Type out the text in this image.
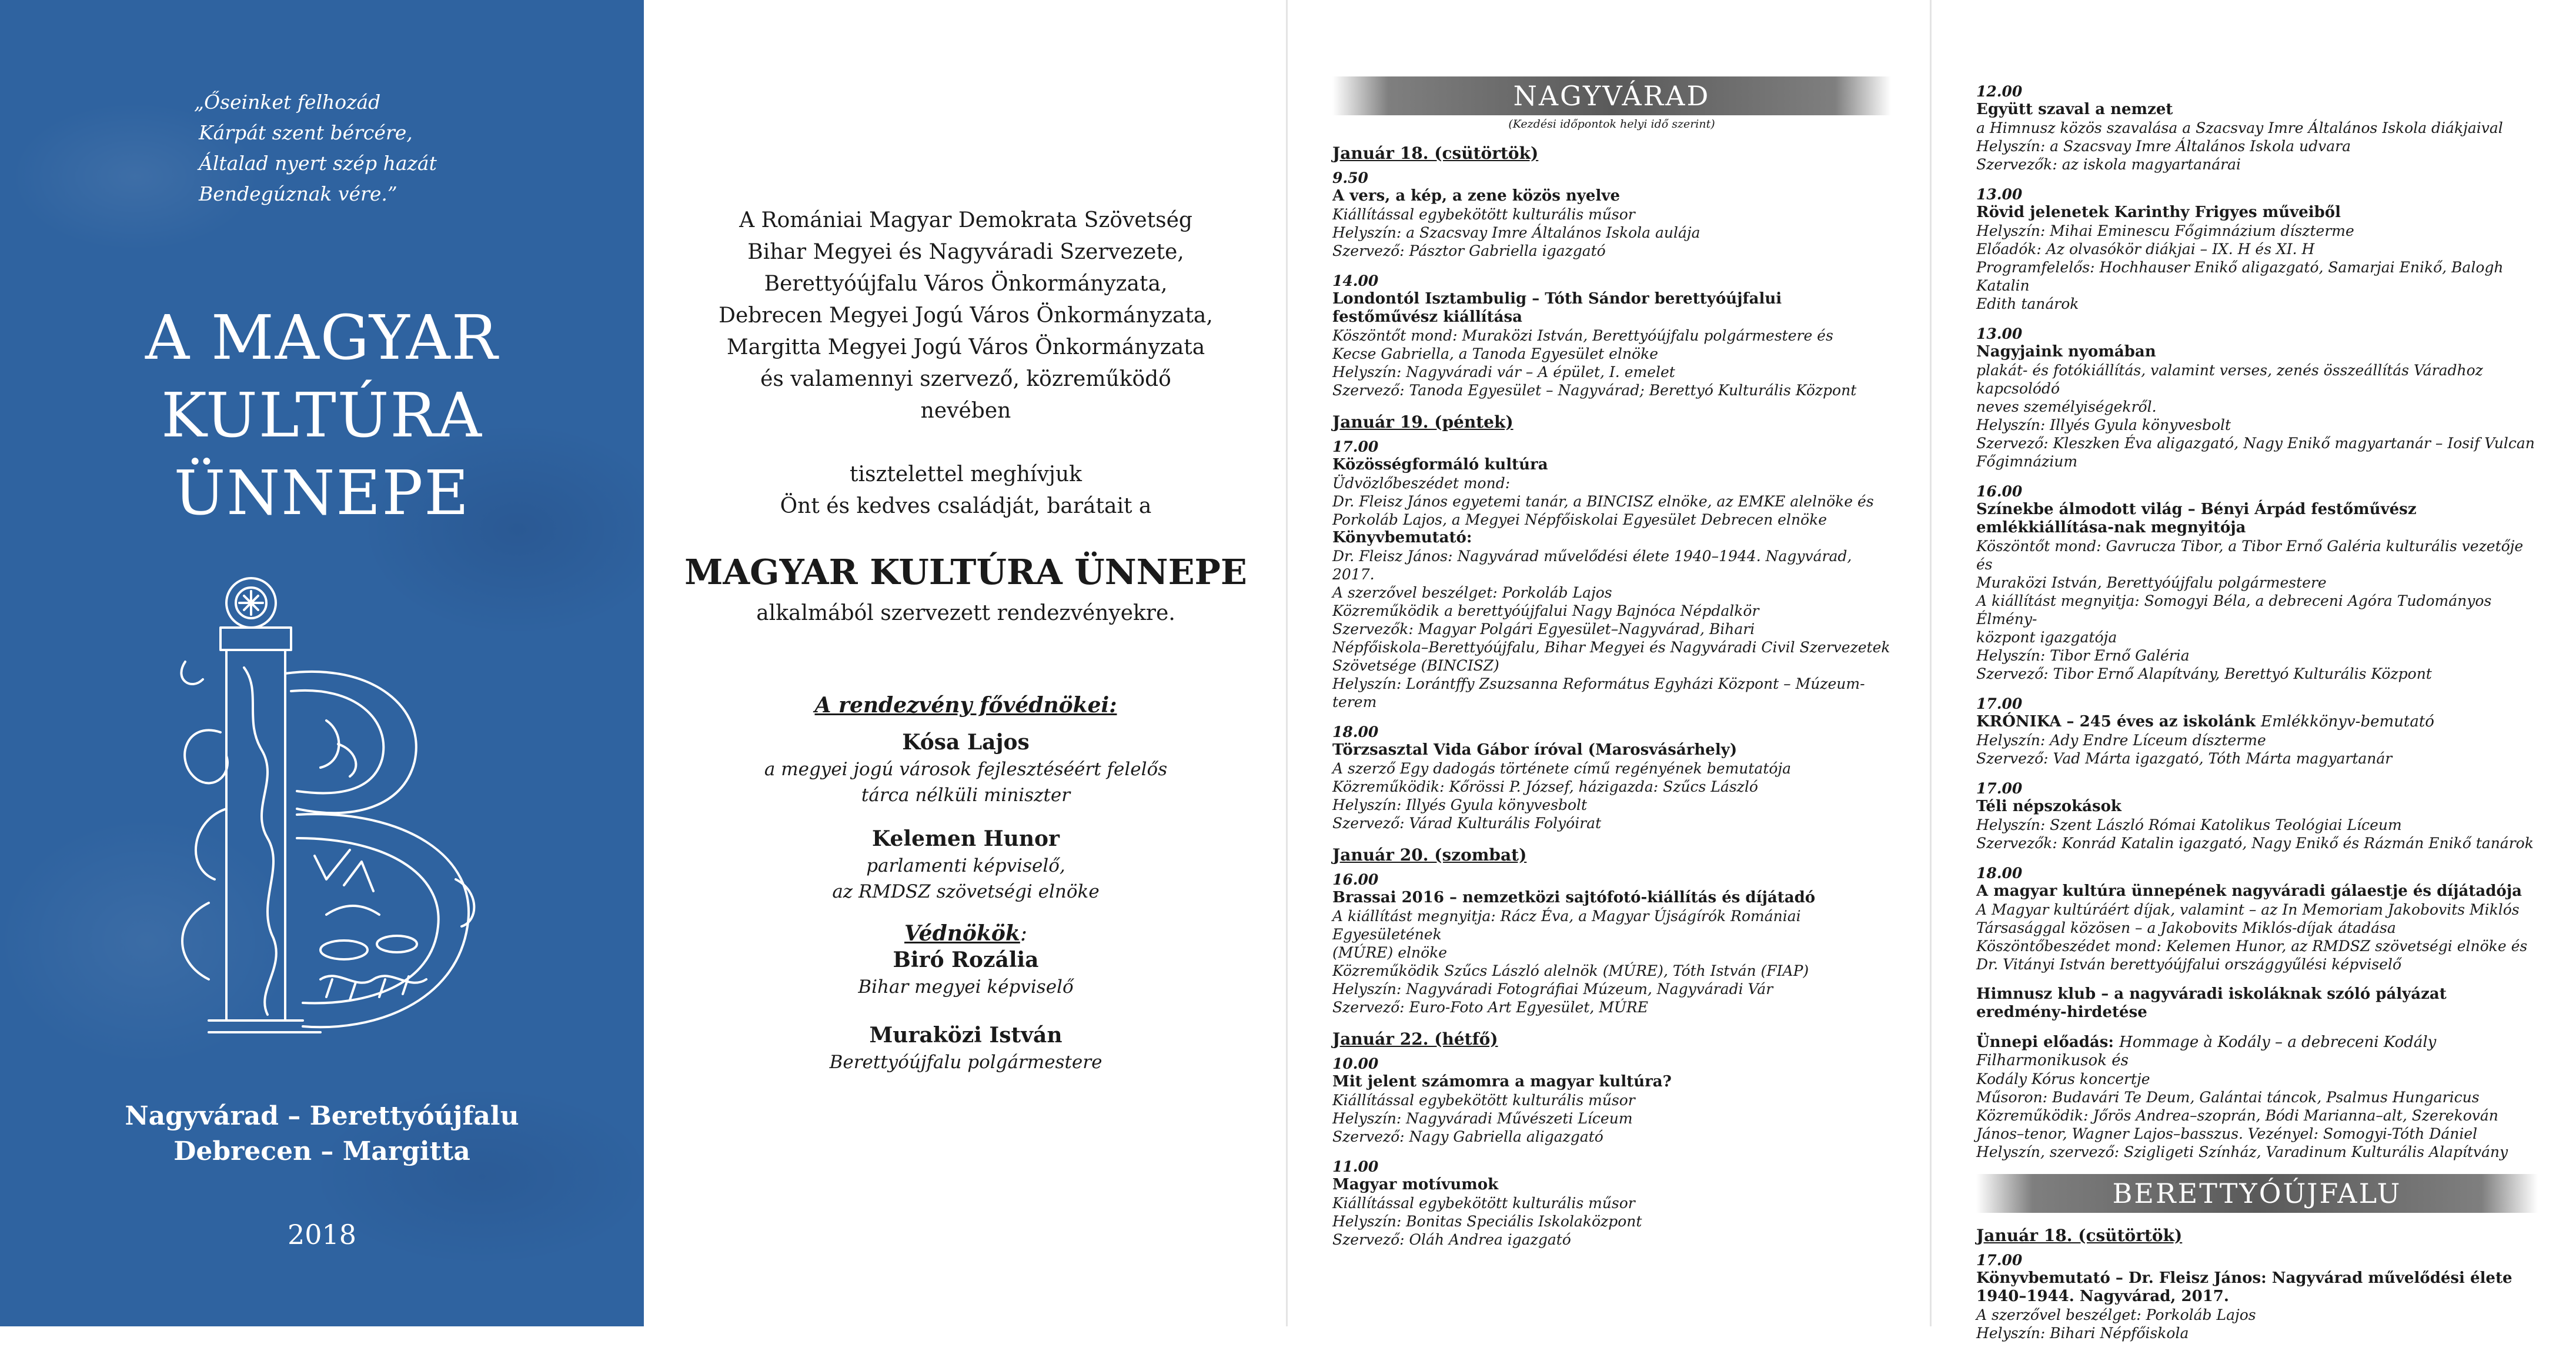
„Őseinket felhozád
Kárpát szent bércére,
Általad nyert szép hazát
Bendegúznak vére.”
A MAGYAR
KULTÚRA
ÜNNEPE
Nagyvárad – Berettyóújfalu
Debrecen – Margitta
2018
A Romániai Magyar Demokrata Szövetség
Bihar Megyei és Nagyváradi Szervezete,
Berettyóújfalu Város Önkormányzata,
Debrecen Megyei Jogú Város Önkormányzata,
Margitta Megyei Jogú Város Önkormányzata
és valamennyi szervező, közreműködő
nevében
tisztelettel meghívjuk
Önt és kedves családját, barátait a
MAGYAR KULTÚRA ÜNNEPE
alkalmából szervezett rendezvényekre.
A rendezvény fővédnökei:
Kósa Lajos
a megyei jogú városok fejlesztéséért felelős
tárca nélküli miniszter
Kelemen Hunor
parlamenti képviselő,
az RMDSZ szövetségi elnöke
Védnökök:
Biró Rozália
Bihar megyei képviselő
Muraközi István
Berettyóújfalu polgármestere
NAGYVÁRAD
(Kezdési időpontok helyi idő szerint)
Január 18. (csütörtök)
9.50
A vers, a kép, a zene közös nyelve
Kiállítással egybekötött kulturális műsor
Helyszín: a Szacsvay Imre Általános Iskola aulája
Szervező: Pásztor Gabriella igazgató
14.00
Londontól Isztambulig – Tóth Sándor berettyóújfalui festőművész kiállítása
Köszöntőt mond: Muraközi István, Berettyóújfalu polgármestere és
Kecse Gabriella, a Tanoda Egyesület elnöke
Helyszín: Nagyváradi vár – A épület, I. emelet
Szervező: Tanoda Egyesület – Nagyvárad; Berettyó Kulturális Központ
Január 19. (péntek)
17.00
Közösségformáló kultúra
Üdvözlőbeszédet mond:
Dr. Fleisz János egyetemi tanár, a BINCISZ elnöke, az EMKE alelnöke és
Porkoláb Lajos, a Megyei Népfőiskolai Egyesület Debrecen elnöke
Könyvbemutató:
Dr. Fleisz János: Nagyvárad művelődési élete 1940–1944. Nagyvárad, 2017.
A szerzővel beszélget: Porkoláb Lajos
Közreműködik a berettyóújfalui Nagy Bajnóca Népdalkör
Szervezők: Magyar Polgári Egyesület–Nagyvárad, Bihari
Népfőiskola–Berettyóújfalu, Bihar Megyei és Nagyváradi Civil Szervezetek
Szövetsége (BINCISZ)
Helyszín: Lorántffy Zsuzsanna Református Egyházi Központ – Múzeum-
terem
18.00
Törzsasztal Vida Gábor íróval (Marosvásárhely)
A szerző Egy dadogás története című regényének bemutatója
Közreműködik: Kőrössi P. József, házigazda: Szűcs László
Helyszín: Illyés Gyula könyvesbolt
Szervező: Várad Kulturális Folyóirat
Január 20. (szombat)
16.00
Brassai 2016 – nemzetközi sajtófotó-kiállítás és díjátadó
A kiállítást megnyitja: Rácz Éva, a Magyar Újságírók Romániai Egyesületének
(MÚRE) elnöke
Közreműködik Szűcs László alelnök (MÚRE), Tóth István (FIAP)
Helyszín: Nagyváradi Fotográfiai Múzeum, Nagyváradi Vár
Szervező: Euro-Foto Art Egyesület, MÚRE
Január 22. (hétfő)
10.00
Mit jelent számomra a magyar kultúra?
Kiállítással egybekötött kulturális műsor
Helyszín: Nagyváradi Művészeti Líceum
Szervező: Nagy Gabriella aligazgató
11.00
Magyar motívumok
Kiállítással egybekötött kulturális műsor
Helyszín: Bonitas Speciális Iskolaközpont
Szervező: Oláh Andrea igazgató
12.00
Együtt szaval a nemzet
a Himnusz közös szavalása a Szacsvay Imre Általános Iskola diákjaival
Helyszín: a Szacsvay Imre Általános Iskola udvara
Szervezők: az iskola magyartanárai
13.00
Rövid jelenetek Karinthy Frigyes műveiből
Helyszín: Mihai Eminescu Főgimnázium díszterme
Előadók: Az olvasókör diákjai – IX. H és XI. H
Programfelelős: Hochhauser Enikő aligazgató, Samarjai Enikő, Balogh Katalin
Edith tanárok
13.00
Nagyjaink nyomában
plakát- és fotókiállítás, valamint verses, zenés összeállítás Váradhoz kapcsolódó
neves személyiségekről.
Helyszín: Illyés Gyula könyvesbolt
Szervező: Kleszken Éva aligazgató, Nagy Enikő magyartanár – Iosif Vulcan
Főgimnázium
16.00
Színekbe álmodott világ – Bényi Árpád festőművész emlékkiállítása-nak megnyitója
Köszöntőt mond: Gavrucza Tibor, a Tibor Ernő Galéria kulturális vezetője és
Muraközi István, Berettyóújfalu polgármestere
A kiállítást megnyitja: Somogyi Béla, a debreceni Agóra Tudományos Élmény-
központ igazgatója
Helyszín: Tibor Ernő Galéria
Szervező: Tibor Ernő Alapítvány, Berettyó Kulturális Központ
17.00
KRÓNIKA – 245 éves az iskolánk Emlékkönyv-bemutató
Helyszín: Ady Endre Líceum díszterme
Szervező: Vad Márta igazgató, Tóth Márta magyartanár
17.00
Téli népszokások
Helyszín: Szent László Római Katolikus Teológiai Líceum
Szervezők: Konrád Katalin igazgató, Nagy Enikő és Rázmán Enikő tanárok
18.00
A magyar kultúra ünnepének nagyváradi gálaestje és díjátadója
A Magyar kultúráért díjak, valamint – az In Memoriam Jakobovits Miklós
Társasággal közösen – a Jakobovits Miklós-díjak átadása
Köszöntőbeszédet mond: Kelemen Hunor, az RMDSZ szövetségi elnöke és
Dr. Vitányi István berettyóújfalui országgyűlési képviselő
Himnusz klub – a nagyváradi iskoláknak szóló pályázat eredmény-hirdetése
Ünnepi előadás: Hommage à Kodály – a debreceni Kodály Filharmonikusok és
Kodály Kórus koncertje
Műsoron: Budavári Te Deum, Galántai táncok, Psalmus Hungaricus
Közreműködik: Jőrös Andrea–szoprán, Bódi Marianna–alt, Szerekován
János–tenor, Wagner Lajos–basszus. Vezényel: Somogyi-Tóth Dániel
Helyszín, szervező: Szigligeti Színház, Varadinum Kulturális Alapítvány
BERETTYÓÚJFALU
Január 18. (csütörtök)
17.00
Könyvbemutató – Dr. Fleisz János: Nagyvárad művelődési élete 1940–1944. Nagyvárad, 2017.
A szerzővel beszélget: Porkoláb Lajos
Helyszín: Bihari Népfőiskola
